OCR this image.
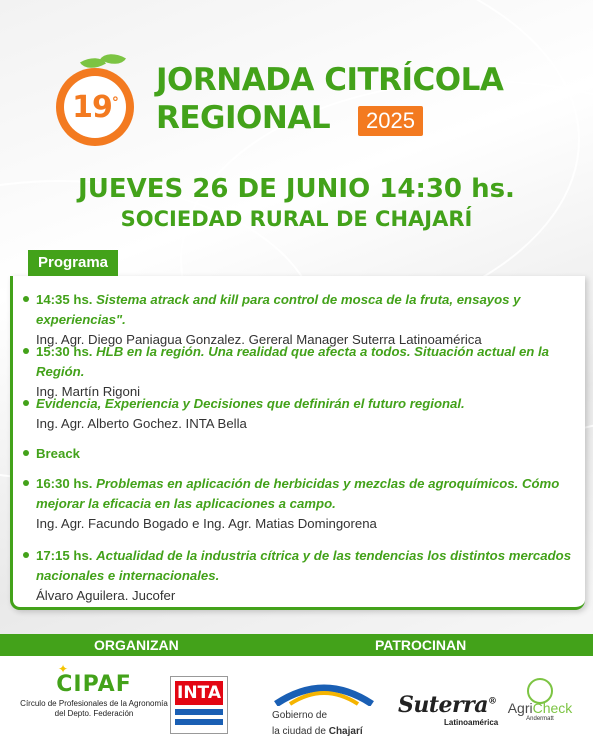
19°
JORNADA CITRÍCOLA
REGIONAL	2025
JUEVES 26 DE JUNIO 14:30 hs.
SOCIEDAD RURAL DE CHAJARÍ
Programa
14:35 hs. Sistema atrack and kill para control de mosca de la fruta, ensayos y experiencias".
Ing. Agr. Diego Paniagua Gonzalez. Gereral Manager Suterra Latinoamérica
15:30 hs. HLB en la región. Una realidad que afecta a todos. Situación actual en la Región.
Ing. Martín Rigoni
Evidencia, Experiencia y Decisiones que definirán el futuro regional.
Ing. Agr. Alberto Gochez. INTA Bella
Breack
16:30 hs. Problemas en aplicación de herbicidas y mezclas de agroquímicos. Cómo mejorar la eficacia en las aplicaciones a campo.
Ing. Agr. Facundo Bogado e Ing. Agr. Matias Domingorena
17:15 hs. Actualidad de la industria cítrica y de las tendencias los distintos mercados nacionales e internacionales.
Álvaro Aguilera. Jucofer
ORGANIZAN	PATROCINAN
✦
CIPAF
Círculo de Profesionales de la Agronomía
del Depto. Federación
INTA
Gobierno de
la ciudad de Chajarí
Suterra®
Latinoamérica
AgriCheck
Andermatt
